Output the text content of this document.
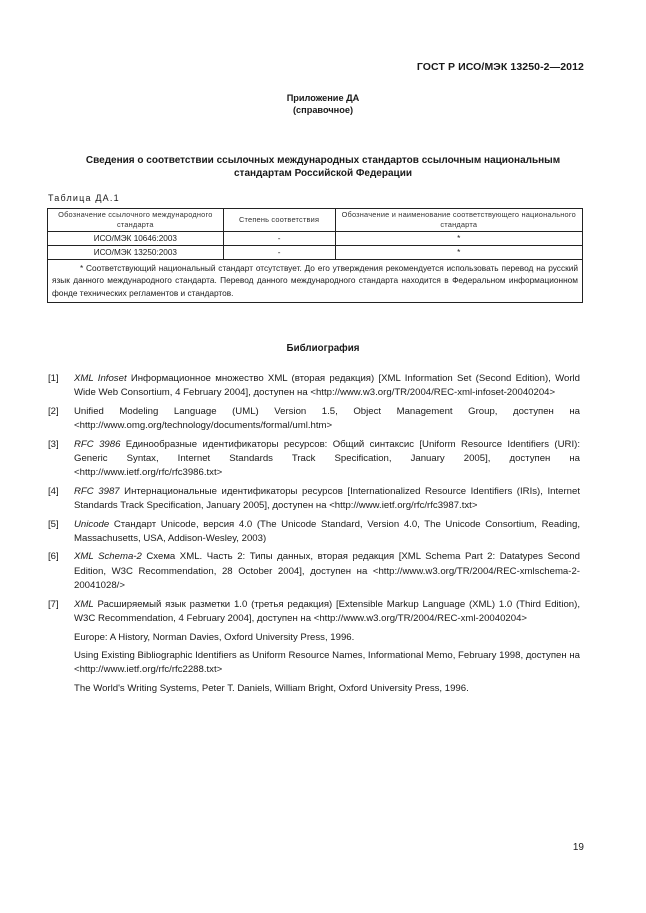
ГОСТ Р ИСО/МЭК 13250-2—2012
Приложение ДА
(справочное)
Сведения о соответствии ссылочных международных стандартов ссылочным национальным
стандартам Российской Федерации
Таблица ДА.1
Обозначение ссылочного международного стандарта	Степень соответствия	Обозначение и наименование соответствующего национального стандарта
ИСО/МЭК 10646:2003	-	*
ИСО/МЭК 13250:2003	-	*

* Соответствующий национальный стандарт отсутствует. До его утверждения рекомендуется использовать перевод на русский язык данного международного стандарта. Перевод данного международного стандарта находится в Федеральном информационном фонде технических регламентов и стандартов.		
Библиография
[1]	XML Infoset Информационное множество XML (вторая редакция) [XML Information Set (Second Edition), World Wide Web Consortium, 4 February 2004], доступен на <http://www.w3.org/TR/2004/REC-xml-infoset-20040204>
[2]	Unified Modeling Language (UML) Version 1.5, Object Management Group, доступен на <http://www.omg.org/technology/documents/formal/uml.htm>
[3]	RFC 3986 Единообразные идентификаторы ресурсов: Общий синтаксис [Uniform Resource Identifiers (URI): Generic Syntax, Internet Standards Track Specification, January 2005], доступен на <http://www.ietf.org/rfc/rfc3986.txt>
[4]	RFC 3987 Интернациональные идентификаторы ресурсов [Internationalized Resource Identifiers (IRIs), Internet Standards Track Specification, January 2005], доступен на <http://www.ietf.org/rfc/rfc3987.txt>
[5]	Unicode Стандарт Unicode, версия 4.0 (The Unicode Standard, Version 4.0, The Unicode Consortium, Reading, Massachusetts, USA, Addison-Wesley, 2003)
[6]	XML Schema-2 Схема XML. Часть 2: Типы данных, вторая редакция [XML Schema Part 2: Datatypes Second Edition, W3C Recommendation, 28 October 2004], доступен на <http://www.w3.org/TR/2004/REC-xmlschema-2-20041028/>
[7]	XML Расширяемый язык разметки 1.0 (третья редакция) [Extensible Markup Language (XML) 1.0 (Third Edition), W3C Recommendation, 4 February 2004], доступен на <http://www.w3.org/TR/2004/REC-xml-20040204>
Europe: A History, Norman Davies, Oxford University Press, 1996.
Using Existing Bibliographic Identifiers as Uniform Resource Names, Informational Memo, February 1998, доступен на <http://www.ietf.org/rfc/rfc2288.txt>
The World's Writing Systems, Peter T. Daniels, William Bright, Oxford University Press, 1996.
19
